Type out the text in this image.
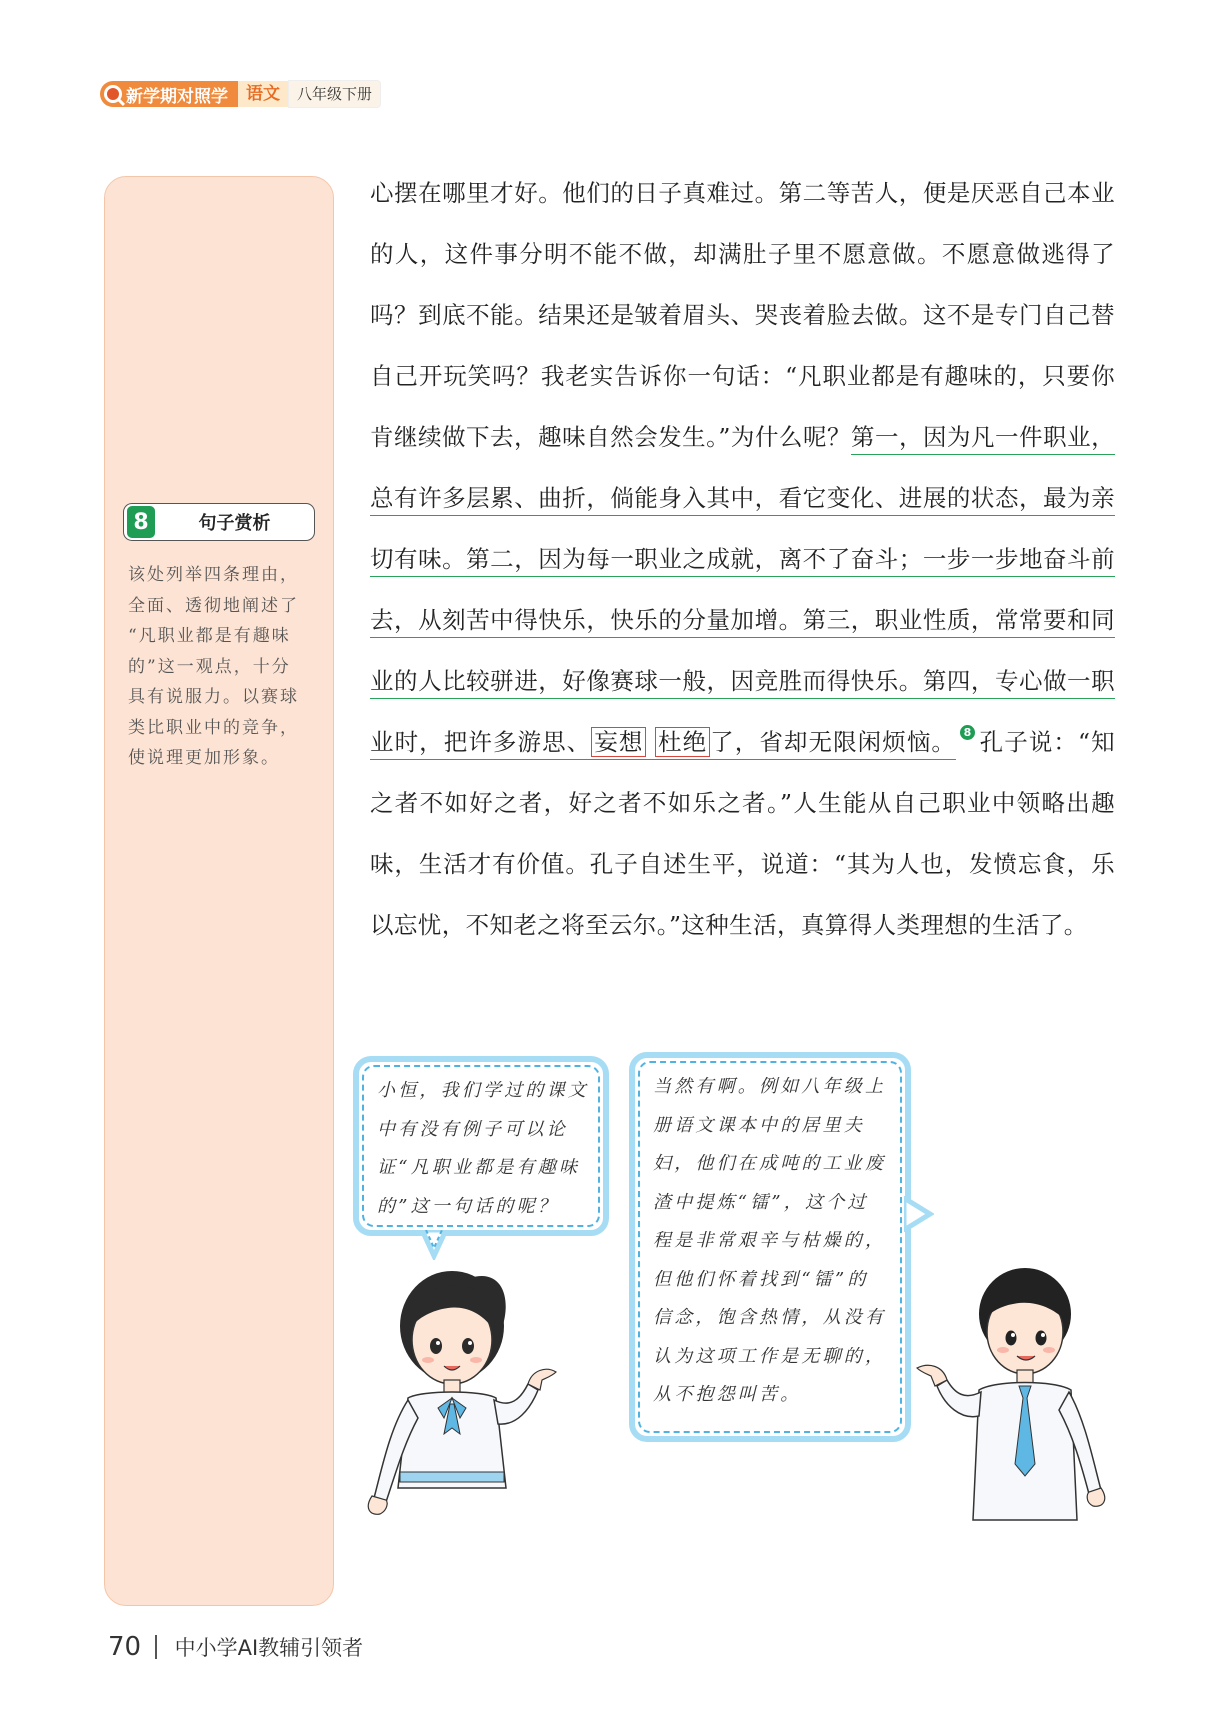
新学期对照学	语文	八年级下册
8	句子赏析
该处列举四条理由，
全面、透彻地阐述了
“凡职业都是有趣味
的”这一观点，十分
具有说服力。以赛球
类比职业中的竞争，
使说理更加形象。

心摆在哪里才好。他们的日子真难过。第二等苦人，便是厌恶自己本业的人，这件事分明不能不做，却满肚子里不愿意做。不愿意做逃得了吗？到底不能。结果还是皱着眉头、哭丧着脸去做。这不是专门自己替自己开玩笑吗？我老实告诉你一句话：“凡职业都是有趣味的，只要你肯继续做下去，趣味自然会发生。”为什么呢？第一，因为凡一件职业，总有许多层累、曲折，倘能身入其中，看它变化、进展的状态，最为亲切有味。第二，因为每一职业之成就，离不了奋斗；一步一步地奋斗前去，从刻苦中得快乐，快乐的分量加增。第三，职业性质，常常要和同业的人比较骈进，好像赛球一般，因竞胜而得快乐。第四，专心做一职业时，把许多游思、 妄想 杜绝 了，省却无限闲烦恼。 8 孔子说：“知之者不如好之者，好之者不如乐之者。”人生能从自己职业中领略出趣味，生活才有价值。孔子自述生平，说道：“其为人也，发愤忘食，乐以忘忧，不知老之将至云尔。”这种生活，真算得人类理想的生活了。

小恒，我们学过的课文
中有没有例子可以论
证“凡职业都是有趣味
的”这一句话的呢？
当然有啊。例如八年级上
册语文课本中的居里夫
妇，他们在成吨的工业废
渣中提炼“镭”，这个过
程是非常艰辛与枯燥的，
但他们怀着找到“镭”的
信念，饱含热情，从没有
认为这项工作是无聊的，
从不抱怨叫苦。
70 中小学AI教辅引领者
